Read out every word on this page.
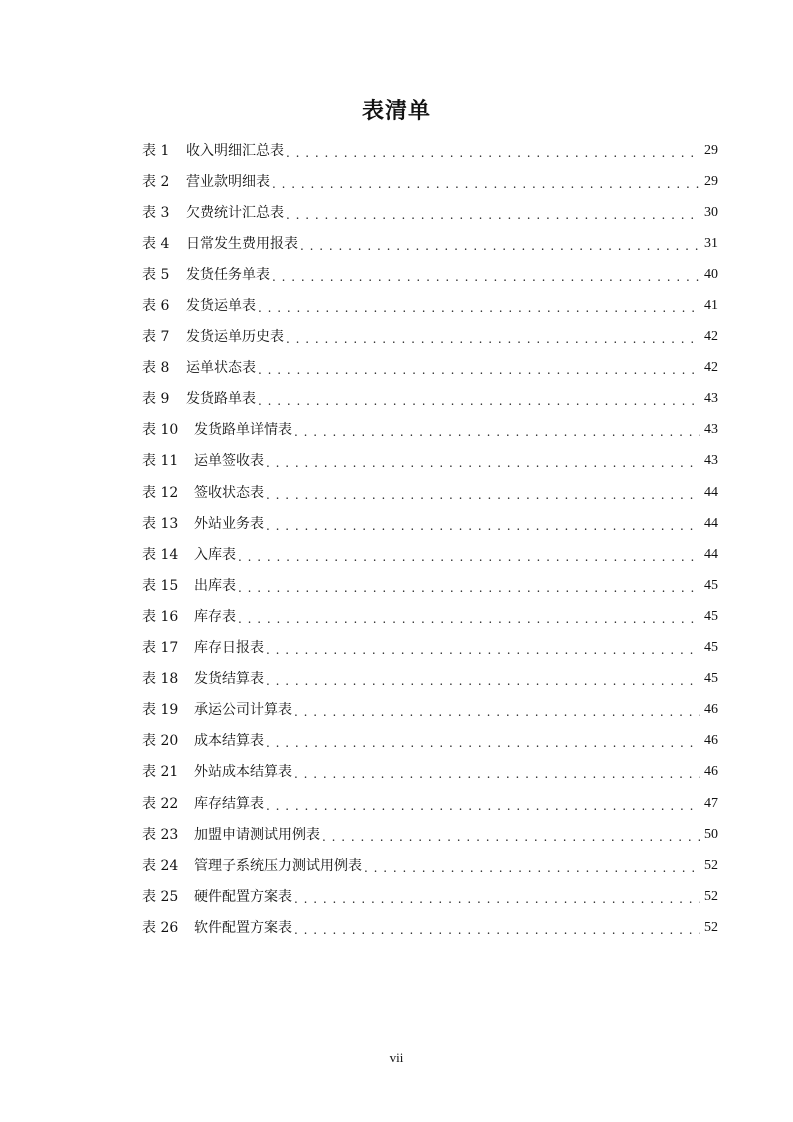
表清单
表 1 收入明细汇总表 . . .	29
表 2 营业款明细表 . . .	29
表 3 欠费统计汇总表 . . .	30
表 4 日常发生费用报表 . . .	31
表 5 发货任务单表 . . .	40
表 6 发货运单表 . . .	41
表 7 发货运单历史表 . . .	42
表 8 运单状态表 . . .	42
表 9 发货路单表 . . .	43
表 10 发货路单详情表 . . .	43
表 11 运单签收表 . . .	43
表 12 签收状态表 . . .	44
表 13 外站业务表 . . .	44
表 14 入库表 . . .	44
表 15 出库表 . . .	45
表 16 库存表 . . .	45
表 17 库存日报表 . . .	45
表 18 发货结算表 . . .	45
表 19 承运公司计算表 . . .	46
表 20 成本结算表 . . .	46
表 21 外站成本结算表 . . .	46
表 22 库存结算表 . . .	47
表 23 加盟申请测试用例表 . . .	50
表 24 管理子系统压力测试用例表 . . .	52
表 25 硬件配置方案表 . . .	52
表 26 软件配置方案表 . . .	52
vii
